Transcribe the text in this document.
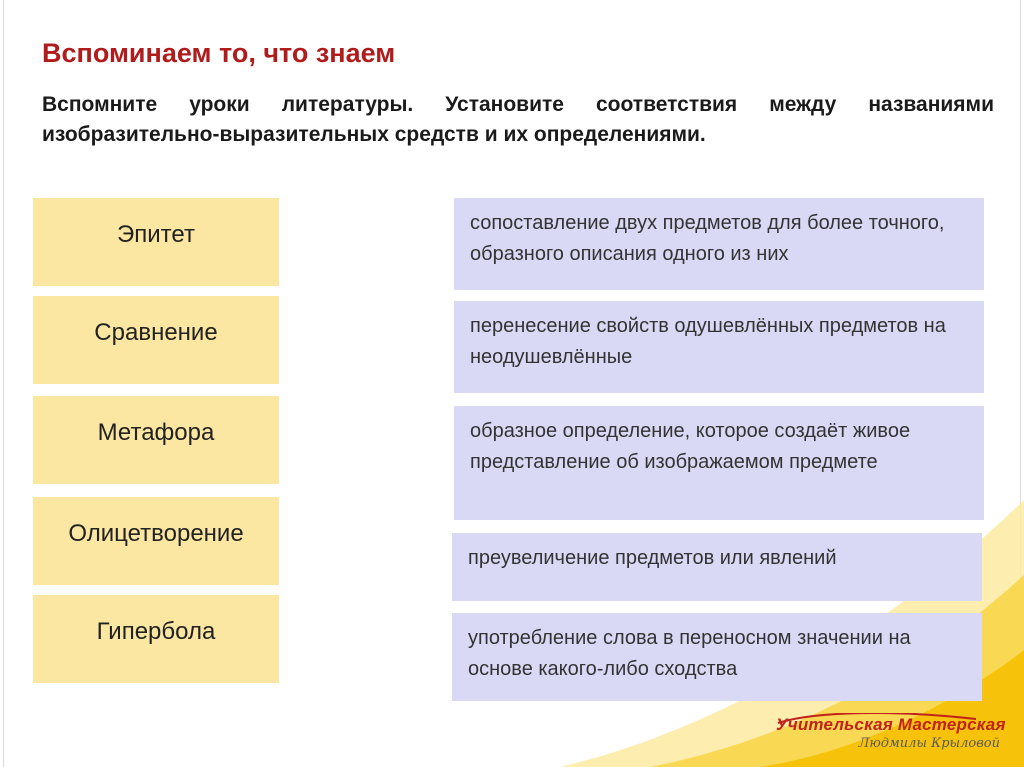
Вспоминаем то, что знаем

Вспомните уроки литературы. Установите соответствия между названиями изобразительно-выразительных средств и их определениями.

Эпитет
Сравнение
Метафора
Олицетворение
Гипербола
сопоставление двух предметов для более точного, образного описания одного из них
перенесение свойств одушевлённых предметов на неодушевлённые
образное определение, которое создаёт живое представление об изображаемом предмете
преувеличение предметов или явлений
употребление слова в переносном значении на основе какого-либо сходства
Учительская Мастерская
Людмилы Крыловой
